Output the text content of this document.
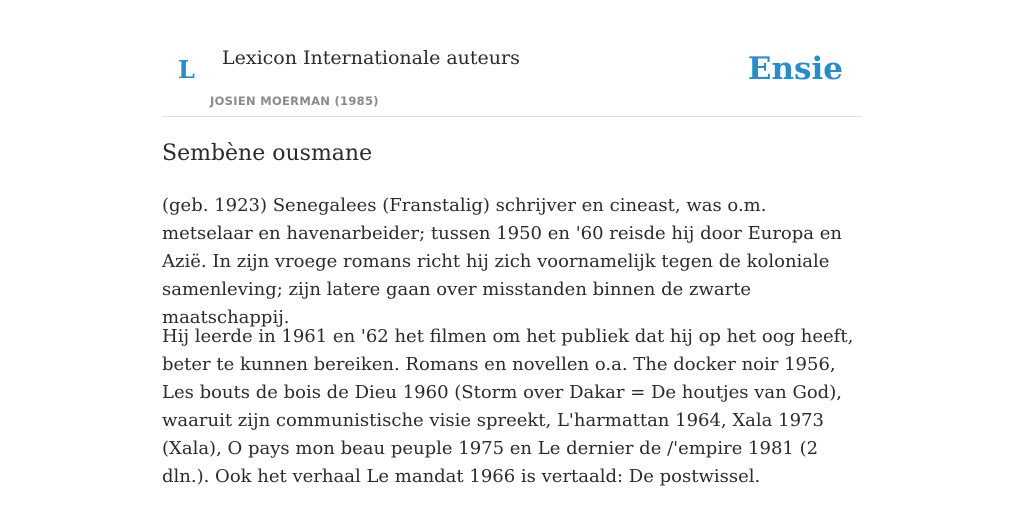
L Lexicon Internationale auteurs
JOSIEN MOERMAN (1985)
Ensie
Sembène ousmane

(geb. 1923) Senegalees (Franstalig) schrijver en cineast, was o.m. metselaar en havenarbeider; tussen 1950 en '60 reisde hij door Europa en Azië. In zijn vroege romans richt hij zich voornamelijk tegen de koloniale samenleving; zijn latere gaan over misstanden binnen de zwarte maatschappij.

Hij leerde in 1961 en '62 het filmen om het publiek dat hij op het oog heeft, beter te kunnen bereiken. Romans en novellen o.a. The docker noir 1956, Les bouts de bois de Dieu 1960 (Storm over Dakar = De houtjes van God), waaruit zijn communistische visie spreekt, L'harmattan 1964, Xala 1973 (Xala), O pays mon beau peuple 1975 en Le dernier de /'empire 1981 (2 dln.). Ook het verhaal Le mandat 1966 is vertaald: De postwissel.
